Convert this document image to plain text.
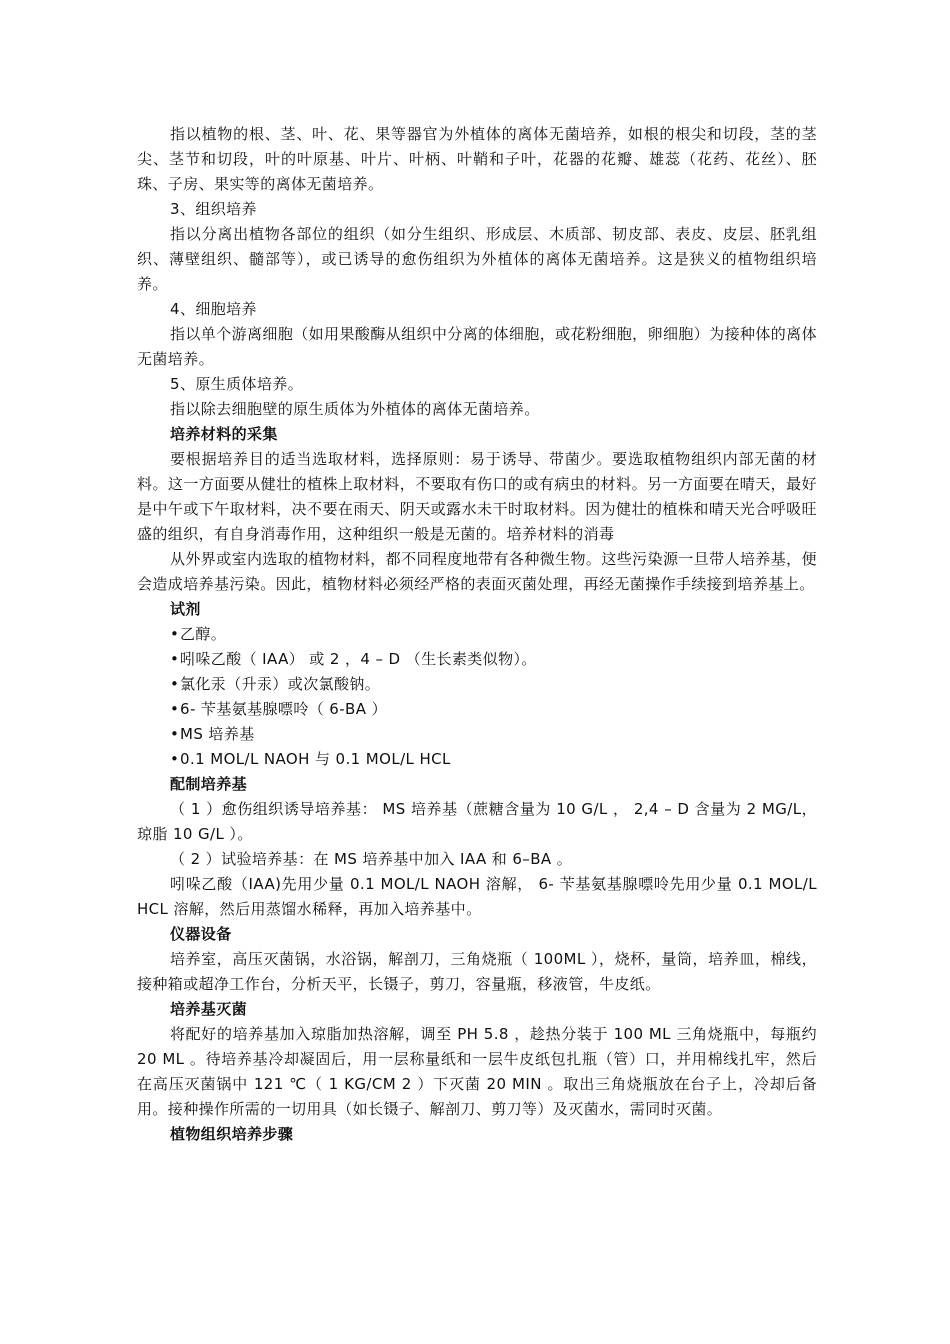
指以植物的根、茎、叶、花、果等器官为外植体的离体无菌培养，如根的根尖和切段，茎的茎尖、茎节和切段，叶的叶原基、叶片、叶柄、叶鞘和子叶，花器的花瓣、雄蕊（花药、花丝）、胚珠、子房、果实等的离体无菌培养。

3、组织培养

指以分离出植物各部位的组织（如分生组织、形成层、木质部、韧皮部、表皮、皮层、胚乳组织、薄壁组织、髓部等），或已诱导的愈伤组织为外植体的离体无菌培养。这是狭义的植物组织培养。

4、细胞培养

指以单个游离细胞（如用果酸酶从组织中分离的体细胞，或花粉细胞，卵细胞）为接种体的离体无菌培养。

5、原生质体培养。

指以除去细胞壁的原生质体为外植体的离体无菌培养。

培养材料的采集

要根据培养目的适当选取材料，选择原则：易于诱导、带菌少。要选取植物组织内部无菌的材料。这一方面要从健壮的植株上取材料，不要取有伤口的或有病虫的材料。另一方面要在晴天，最好是中午或下午取材料，决不要在雨天、阴天或露水未干时取材料。因为健壮的植株和晴天光合呼吸旺盛的组织，有自身消毒作用，这种组织一般是无菌的。培养材料的消毒

从外界或室内选取的植物材料，都不同程度地带有各种微生物。这些污染源一旦带人培养基，便会造成培养基污染。因此，植物材料必须经严格的表面灭菌处理，再经无菌操作手续接到培养基上。

试剂

•乙醇。

•吲哚乙酸（ IAA） 或 2 ，4 – D （生长素类似物）。

•氯化汞（升汞）或次氯酸钠。

•6- 苄基氨基腺嘌呤（ 6-BA ）

•MS 培养基

•0.1 MOL/L NAOH 与 0.1 MOL/L HCL

配制培养基

（ 1 ）愈伤组织诱导培养基： MS 培养基（蔗糖含量为 10 G/L ， 2,4 – D 含量为 2 MG/L，琼脂 10 G/L ）。

（ 2 ）试验培养基：在 MS 培养基中加入 IAA 和 6–BA 。

吲哚乙酸（IAA)先用少量 0.1 MOL/L NAOH 溶解， 6- 苄基氨基腺嘌呤先用少量 0.1 MOL/L HCL 溶解，然后用蒸馏水稀释，再加入培养基中。

仪器设备

培养室，高压灭菌锅，水浴锅，解剖刀，三角烧瓶（ 100ML ），烧杯，量筒，培养皿，棉线，接种箱或超净工作台，分析天平，长镊子，剪刀，容量瓶，移液管，牛皮纸。

培养基灭菌

将配好的培养基加入琼脂加热溶解，调至 PH 5.8 ，趁热分装于 100 ML 三角烧瓶中，每瓶约 20 ML 。待培养基冷却凝固后，用一层称量纸和一层牛皮纸包扎瓶（管）口，并用棉线扎牢，然后在高压灭菌锅中 121 ℃（ 1 KG/CM 2 ）下灭菌 20 MIN 。取出三角烧瓶放在台子上，冷却后备用。接种操作所需的一切用具（如长镊子、解剖刀、剪刀等）及灭菌水，需同时灭菌。

植物组织培养步骤
